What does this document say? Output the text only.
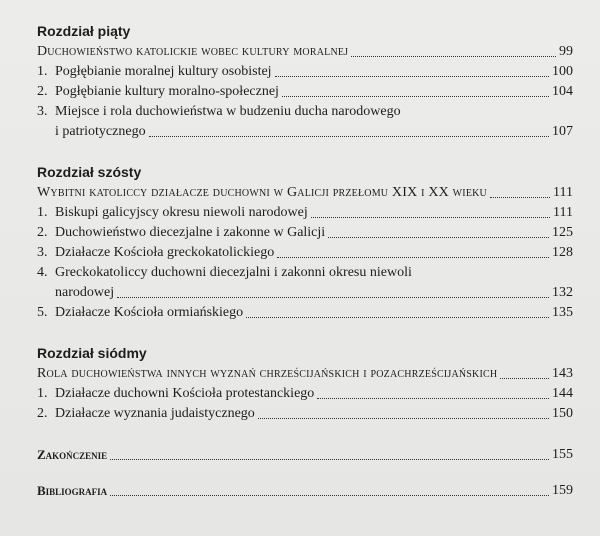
Rozdział piąty
Duchowieństwo katolickie wobec kultury moralnej	99
1. Pogłębianie moralnej kultury osobistej	100
2. Pogłębianie kultury moralno-społecznej	104
3. Miejsce i rola duchowieństwa w budzeniu ducha narodowego
i patriotycznego	107
Rozdział szósty
Wybitni katoliccy działacze duchowni w Galicji przełomu XIX i XX wieku	111
1. Biskupi galicyjscy okresu niewoli narodowej	111
2. Duchowieństwo diecezjalne i zakonne w Galicji	125
3. Działacze Kościoła greckokatolickiego	128
4. Greckokatoliccy duchowni diecezjalni i zakonni okresu niewoli
narodowej	132
5. Działacze Kościoła ormiańskiego	135
Rozdział siódmy
Rola duchowieństwa innych wyznań chrześcijańskich i pozachrześcijańskich	143
1. Działacze duchowni Kościoła protestanckiego	144
2. Działacze wyznania judaistycznego	150
Zakończenie	155
Bibliografia	159
